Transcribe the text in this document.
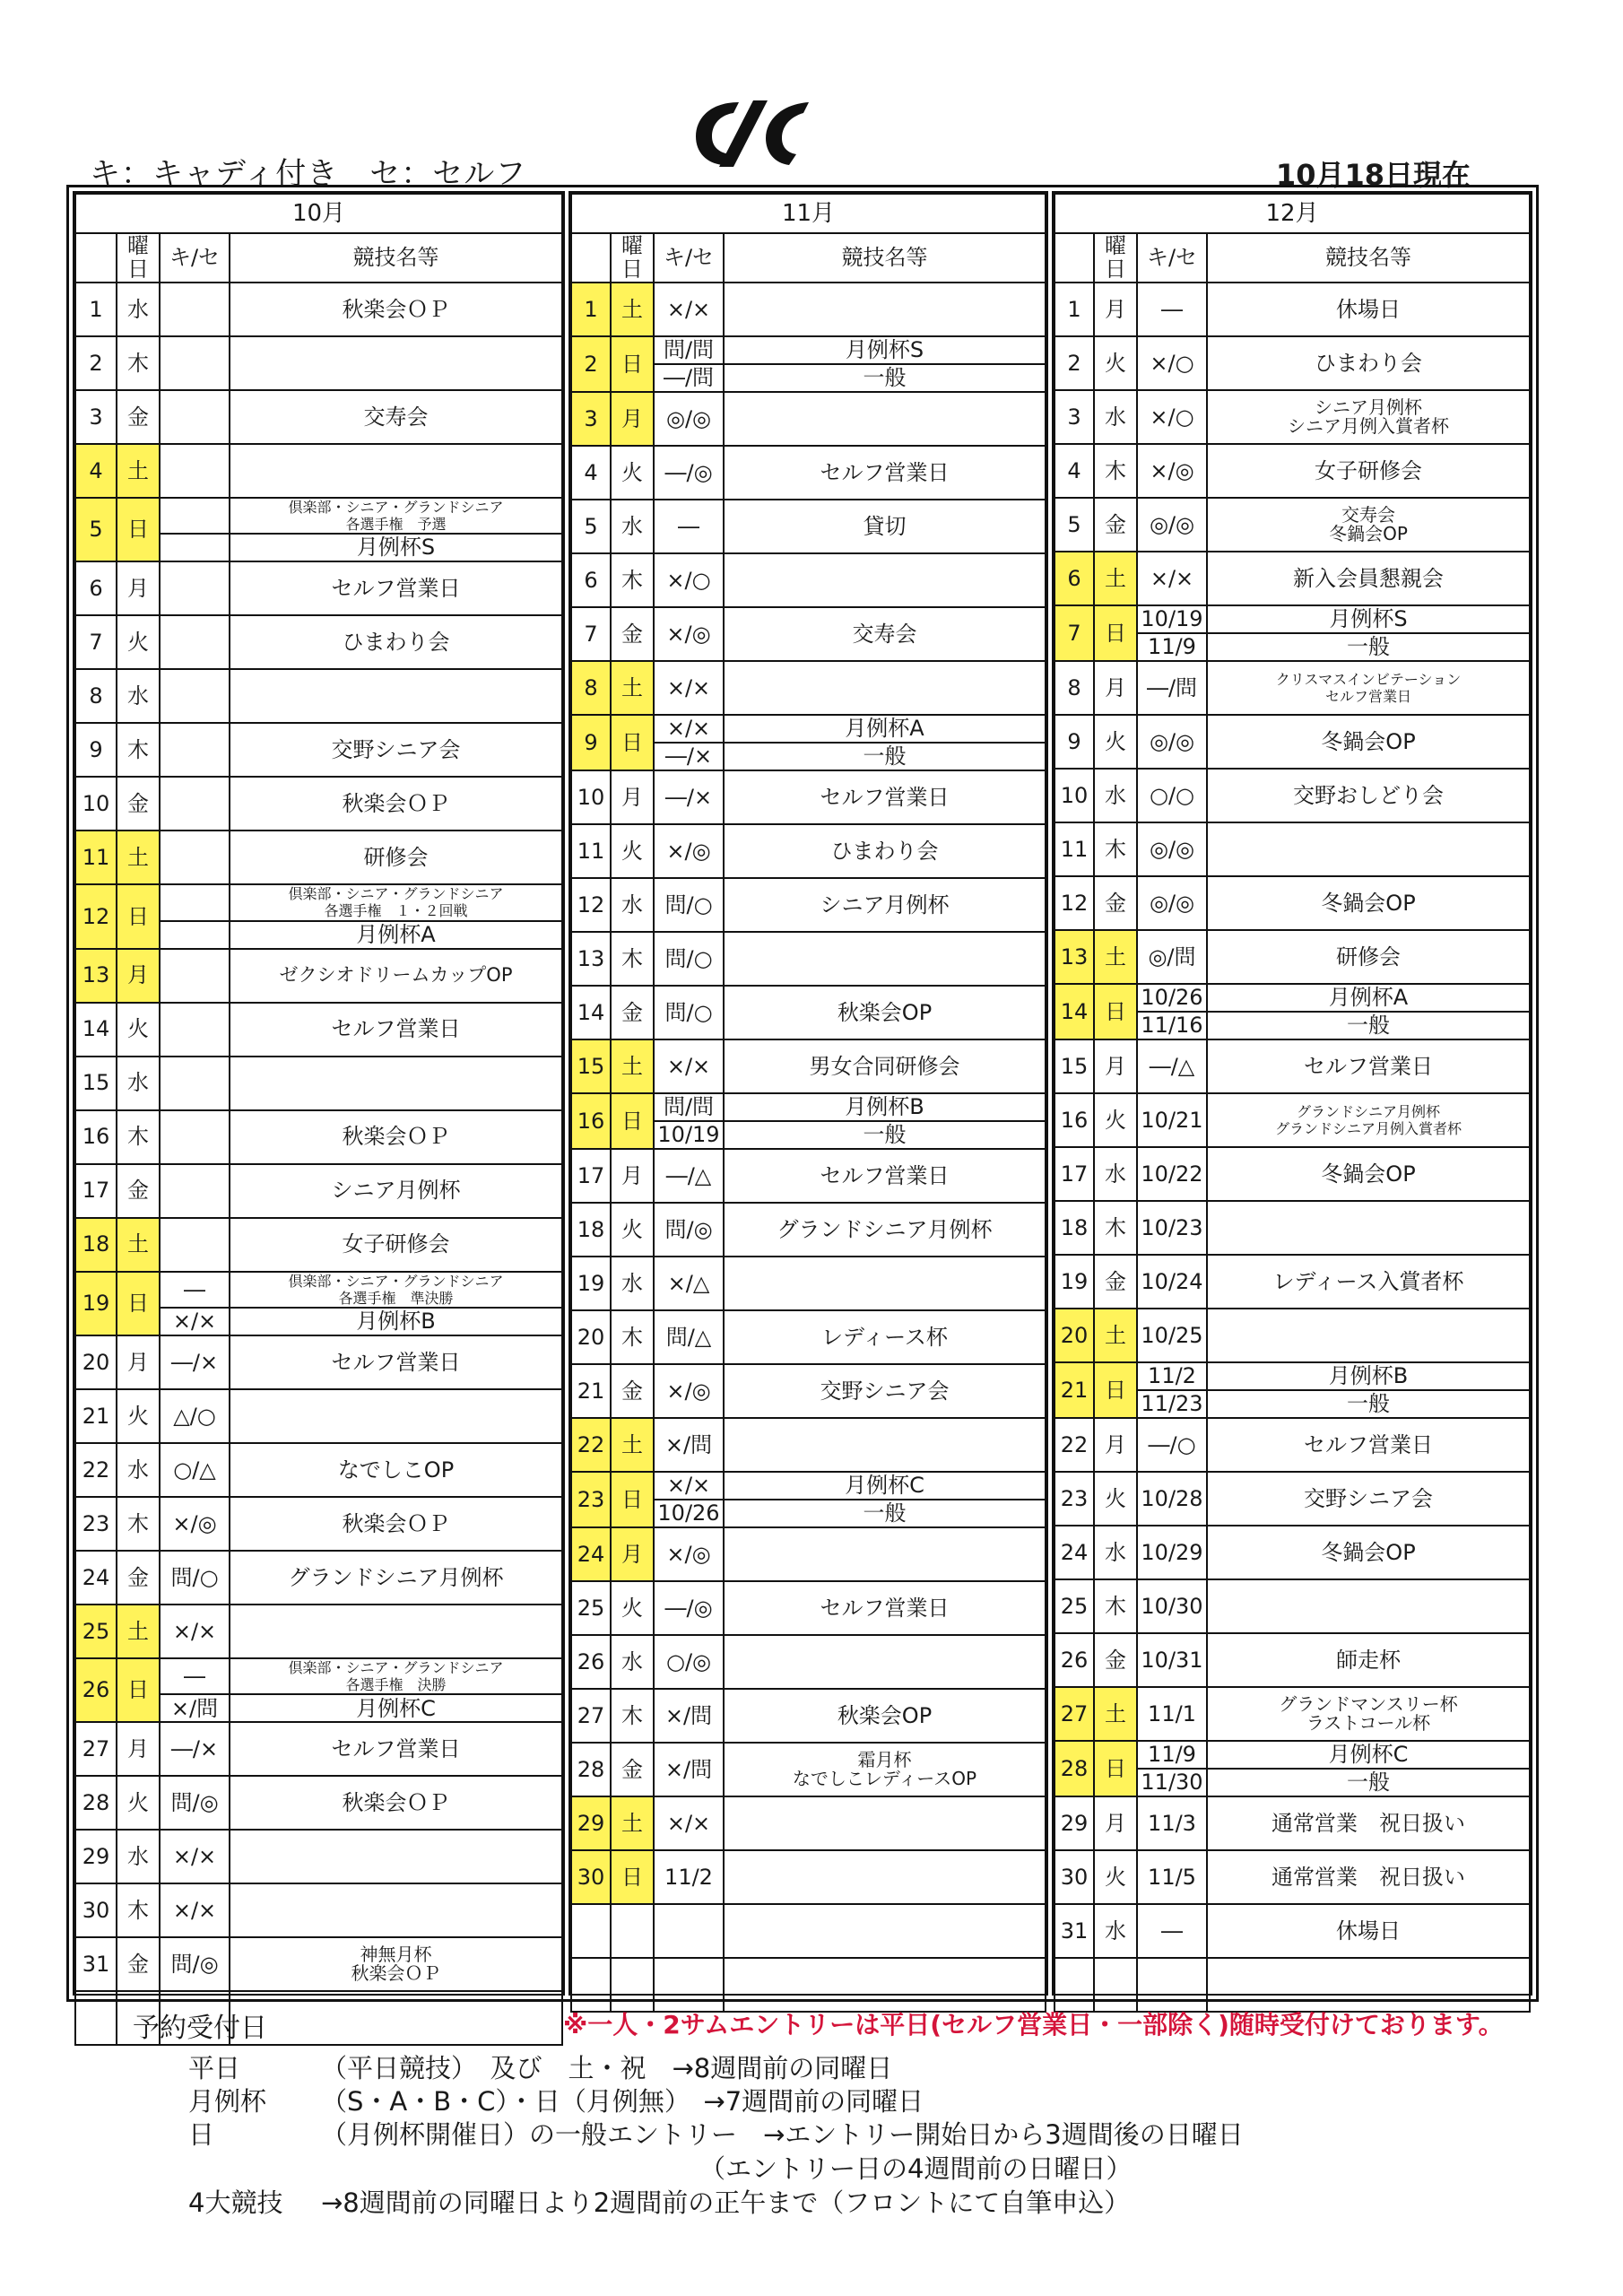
キ：キャディ付き　セ：セルフ	10月18日現在
10月			
	曜日	キ/セ	競技名等
1	水		秋楽会ＯＰ
2	木		
3	金		交寿会
4	土		
5	日		倶楽部・シニア・グランドシニア
各選手権　予選
			月例杯S
6	月		セルフ営業日
7	火		ひまわり会
8	水		
9	木		交野シニア会
10	金		秋楽会ＯＰ
11	土		研修会
12	日		倶楽部・シニア・グランドシニア
各選手権　１・２回戦
			月例杯A
13	月		ゼクシオドリームカップOP
14	火		セルフ営業日
15	水		
16	木		秋楽会ＯＰ
17	金		シニア月例杯
18	土		女子研修会
19	日	―	倶楽部・シニア・グランドシニア
各選手権　準決勝
		×/×	月例杯B
20	月	―/×	セルフ営業日
21	火	△/○	
22	水	○/△	なでしこOP
23	木	×/◎	秋楽会ＯＰ
24	金	問/○	グランドシニア月例杯
25	土	×/×	
26	日	―	倶楽部・シニア・グランドシニア
各選手権　決勝
		×/問	月例杯C
27	月	―/×	セルフ営業日
28	火	問/◎	秋楽会ＯＰ
29	水	×/×	
30	木	×/×	
31	金	問/◎	神無月杯
秋楽会ＯＰ

11月			
	曜日	キ/セ	競技名等
1	土	×/×	
2	日	問/問	月例杯S
		―/問	一般
3	月	◎/◎	
4	火	―/◎	セルフ営業日
5	水	―	貸切
6	木	×/○	
7	金	×/◎	交寿会
8	土	×/×	
9	日	×/×	月例杯A
		―/×	一般
10	月	―/×	セルフ営業日
11	火	×/◎	ひまわり会
12	水	問/○	シニア月例杯
13	木	問/○	
14	金	問/○	秋楽会OP
15	土	×/×	男女合同研修会
16	日	問/問	月例杯B
		10/19	一般
17	月	―/△	セルフ営業日
18	火	問/◎	グランドシニア月例杯
19	水	×/△	
20	木	問/△	レディース杯
21	金	×/◎	交野シニア会
22	土	×/問	
23	日	×/×	月例杯C
		10/26	一般
24	月	×/◎	
25	火	―/◎	セルフ営業日
26	水	○/◎	
27	木	×/問	秋楽会OP
28	金	×/問	霜月杯
なでしこレディースOP
29	土	×/×	
30	日	11/2	

12月			
	曜日	キ/セ	競技名等
1	月	―	休場日
2	火	×/○	ひまわり会
3	水	×/○	シニア月例杯
シニア月例入賞者杯
4	木	×/◎	女子研修会
5	金	◎/◎	交寿会
冬鍋会OP
6	土	×/×	新入会員懇親会
7	日	10/19	月例杯S
		11/9	一般
8	月	―/問	クリスマスインビテーション
セルフ営業日
9	火	◎/◎	冬鍋会OP
10	水	○/○	交野おしどり会
11	木	◎/◎	
12	金	◎/◎	冬鍋会OP
13	土	◎/問	研修会
14	日	10/26	月例杯A
		11/16	一般
15	月	―/△	セルフ営業日
16	火	10/21	グランドシニア月例杯
グランドシニア月例入賞者杯
17	水	10/22	冬鍋会OP
18	木	10/23	
19	金	10/24	レディース入賞者杯
20	土	10/25	
21	日	11/2	月例杯B
		11/23	一般
22	月	―/○	セルフ営業日
23	火	10/28	交野シニア会
24	水	10/29	冬鍋会OP
25	木	10/30	
26	金	10/31	師走杯
27	土	11/1	グランドマンスリー杯
ラストコール杯
28	日	11/9	月例杯C
		11/30	一般
29	月	11/3	通常営業　祝日扱い
30	火	11/5	通常営業　祝日扱い
31	水	―	休場日

予約受付日	※一人・2サムエントリーは平日(セルフ営業日・一部除く)随時受付けております。
平日	（平日競技）　及び　土・祝　→8週間前の同曜日
月例杯 （S・A・B・C）・日（月例無）　→7週間前の同曜日
日	（月例杯開催日）の一般エントリー　→エントリー開始日から3週間後の日曜日
（エントリー日の4週間前の日曜日）
4大競技 →8週間前の同曜日より2週間前の正午まで（フロントにて自筆申込）
